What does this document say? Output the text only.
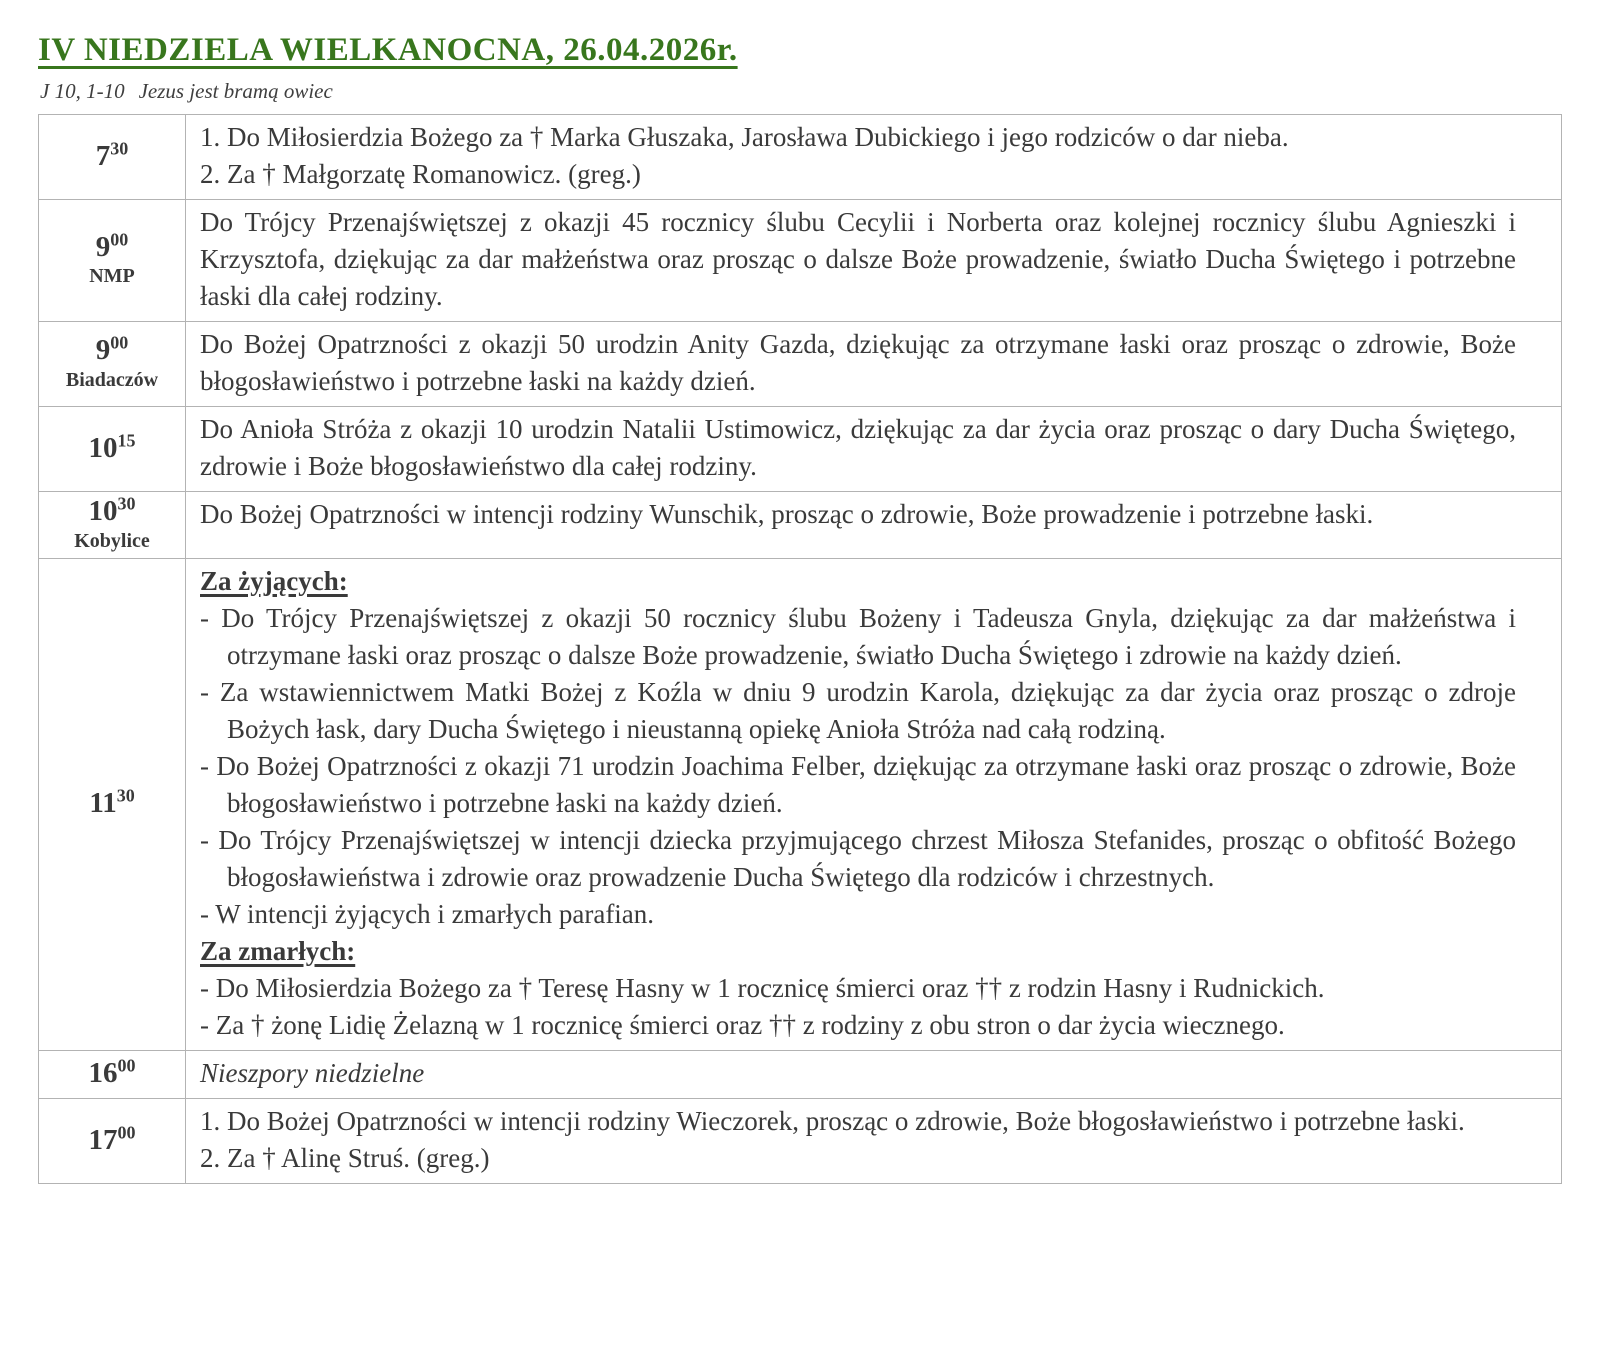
IV NIEDZIELA WIELKANOCNA, 26.04.2026r.

J 10, 1-10 Jezus jest bramą owiec

$7^{30}$	1. Do Miłosierdzia Bożego za † Marka Głuszaka, Jarosława Dubickiego i jego rodziców o dar nieba.

2. Za † Małgorzatę Romanowicz. (greg.)

$9^{00}$
NMP

Do Trójcy Przenajświętszej z okazji 45 rocznicy ślubu Cecylii i Norberta oraz kolejnej rocznicy ślubu Agnieszki i Krzysztofa, dziękując za dar małżeństwa oraz prosząc o dalsze Boże prowadzenie, światło Ducha Świętego i potrzebne łaski dla całej rodziny.

$9^{00}$
Biadaczów

Do Bożej Opatrzności z okazji 50 urodzin Anity Gazda, dziękując za otrzymane łaski oraz prosząc o zdrowie, Boże błogosławieństwo i potrzebne łaski na każdy dzień.

$10^{15}$ Do Anioła Stróża z okazji 10 urodzin Natalii Ustimowicz, dziękując za dar życia oraz prosząc o dary Ducha Świętego, zdrowie i Boże błogosławieństwo dla całej rodziny.

$10^{30}$
Kobylice

Do Bożej Opatrzności w intencji rodziny Wunschik, prosząc o zdrowie, Boże prowadzenie i potrzebne łaski.

$11^{30}$

Za żyjących:

- Do Trójcy Przenajświętszej z okazji 50 rocznicy ślubu Bożeny i Tadeusza Gnyla, dziękując za dar małżeństwa i otrzymane łaski oraz prosząc o dalsze Boże prowadzenie, światło Ducha Świętego i zdrowie na każdy dzień.

- Za wstawiennictwem Matki Bożej z Koźla w dniu 9 urodzin Karola, dziękując za dar życia oraz prosząc o zdroje Bożych łask, dary Ducha Świętego i nieustanną opiekę Anioła Stróża nad całą rodziną.

- Do Bożej Opatrzności z okazji 71 urodzin Joachima Felber, dziękując za otrzymane łaski oraz prosząc o zdrowie, Boże błogosławieństwo i potrzebne łaski na każdy dzień.

- Do Trójcy Przenajświętszej w intencji dziecka przyjmującego chrzest Miłosza Stefanides, prosząc o obfitość Bożego błogosławieństwa i zdrowie oraz prowadzenie Ducha Świętego dla rodziców i chrzestnych.

- W intencji żyjących i zmarłych parafian.

Za zmarłych:

- Do Miłosierdzia Bożego za † Teresę Hasny w 1 rocznicę śmierci oraz †† z rodzin Hasny i Rudnickich.

- Za † żonę Lidię Żelazną w 1 rocznicę śmierci oraz †† z rodziny z obu stron o dar życia wiecznego.

$16^{00}$ Nieszpory niedzielne

$17^{00}$ 1. Do Bożej Opatrzności w intencji rodziny Wieczorek, prosząc o zdrowie, Boże błogosławieństwo i potrzebne łaski.

2. Za † Alinę Struś. (greg.)
